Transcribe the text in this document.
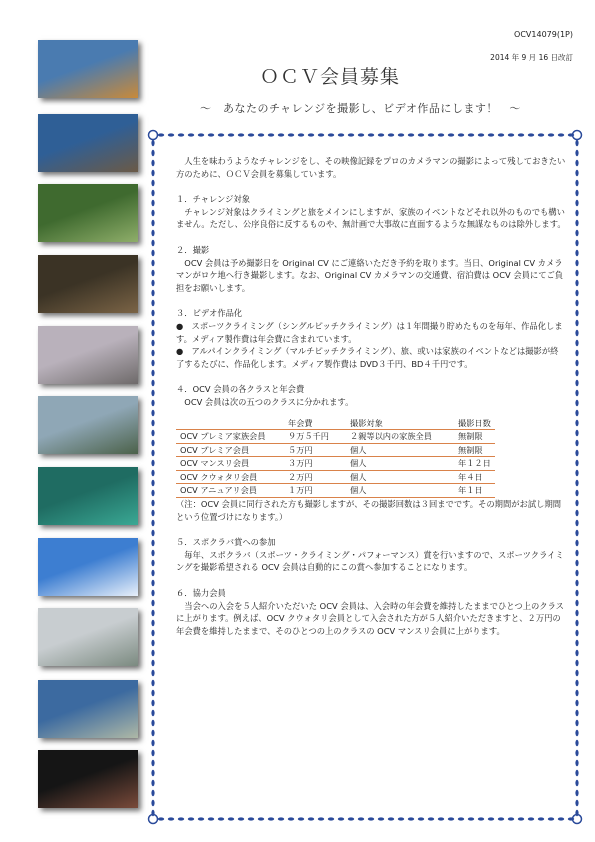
OCV14079(1P)
2014 年 9 月 16 日改訂
ＯＣＶ会員募集
～　あなたのチャレンジを撮影し、ビデオ作品にします！　～

人生を味わうようなチャレンジをし、その映像記録をプロのカメラマンの撮影によって残しておきたい方のために、ＯＣＶ会員を募集しています。

１．チャレンジ対象

チャレンジ対象はクライミングと旅をメインにしますが、家族のイベントなどそれ以外のものでも構いません。ただし、公序良俗に反するものや、無計画で大事故に直面するような無謀なものは除外します。

２．撮影

OCV 会員は予め撮影日を Original CV にご連絡いただき予約を取ります。当日、Original CV カメラマンがロケ地へ行き撮影します。なお、Original CV カメラマンの交通費、宿泊費は OCV 会員にてご負担をお願いします。

３．ビデオ作品化

●　スポーツクライミング（シングルピッチクライミング）は１年間撮り貯めたものを毎年、作品化します。メディア製作費は年会費に含まれています。

●　アルパインクライミング（マルチピッチクライミング）、旅、或いは家族のイベントなどは撮影が終了するたびに、作品化します。メディア製作費は DVD３千円、BD４千円です。

４．OCV 会員の各クラスと年会費

OCV 会員は次の五つのクラスに分かれます。

	年会費	撮影対象	撮影日数
OCV プレミア家族会員	９万５千円	２親等以内の家族全員	無制限
OCV プレミア会員	５万円	個人	無制限
OCV マンスリ会員	３万円	個人	年１２日
OCV クウォタリ会員	２万円	個人	年４日
OCV アニュアリ会員	１万円	個人	年１日

（注：OCV 会員に同行された方も撮影しますが、その撮影回数は３回までです。その期間がお試し期間という位置づけになります。）

５．スポクラバ賞への参加

毎年、スポクラバ（スポーツ・クライミング・パフォーマンス）賞を行いますので、スポーツクライミングを撮影希望される OCV 会員は自動的にこの賞へ参加することになります。

６．協力会員

当会への入会を５人紹介いただいた OCV 会員は、入会時の年会費を維持したままでひとつ上のクラスに上がります。例えば、OCV クウォタリ会員として入会された方が５人紹介いただきますと、２万円の年会費を維持したままで、そのひとつの上のクラスの OCV マンスリ会員に上がります。
